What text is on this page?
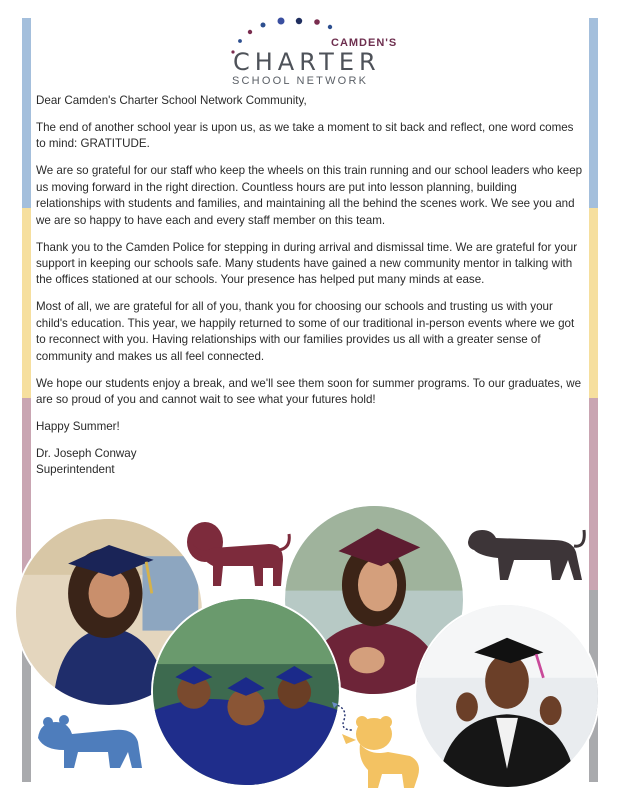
CAMDEN'S
CHARTER
SCHOOL NETWORK

Dear Camden's Charter School Network Community,

The end of another school year is upon us, as we take a moment to sit back and reflect, one word comes to mind: GRATITUDE.

We are so grateful for our staff who keep the wheels on this train running and our school leaders who keep us moving forward in the right direction. Countless hours are put into lesson planning, building relationships with students and families, and maintaining all the behind the scenes work. We see you and we are so happy to have each and every staff member on this team.

Thank you to the Camden Police for stepping in during arrival and dismissal time. We are grateful for your support in keeping our schools safe. Many students have gained a new community mentor in talking with the offices stationed at our schools. Your presence has helped put many minds at ease.

Most of all, we are grateful for all of you, thank you for choosing our schools and trusting us with your child's education. This year, we happily returned to some of our traditional in-person events where we got to reconnect with you. Having relationships with our families provides us all with a greater sense of community and makes us all feel connected.

We hope our students enjoy a break, and we'll see them soon for summer programs. To our graduates, we are so proud of you and cannot wait to see what your futures hold!

Happy Summer!

Dr. Joseph Conway

Superintendent
